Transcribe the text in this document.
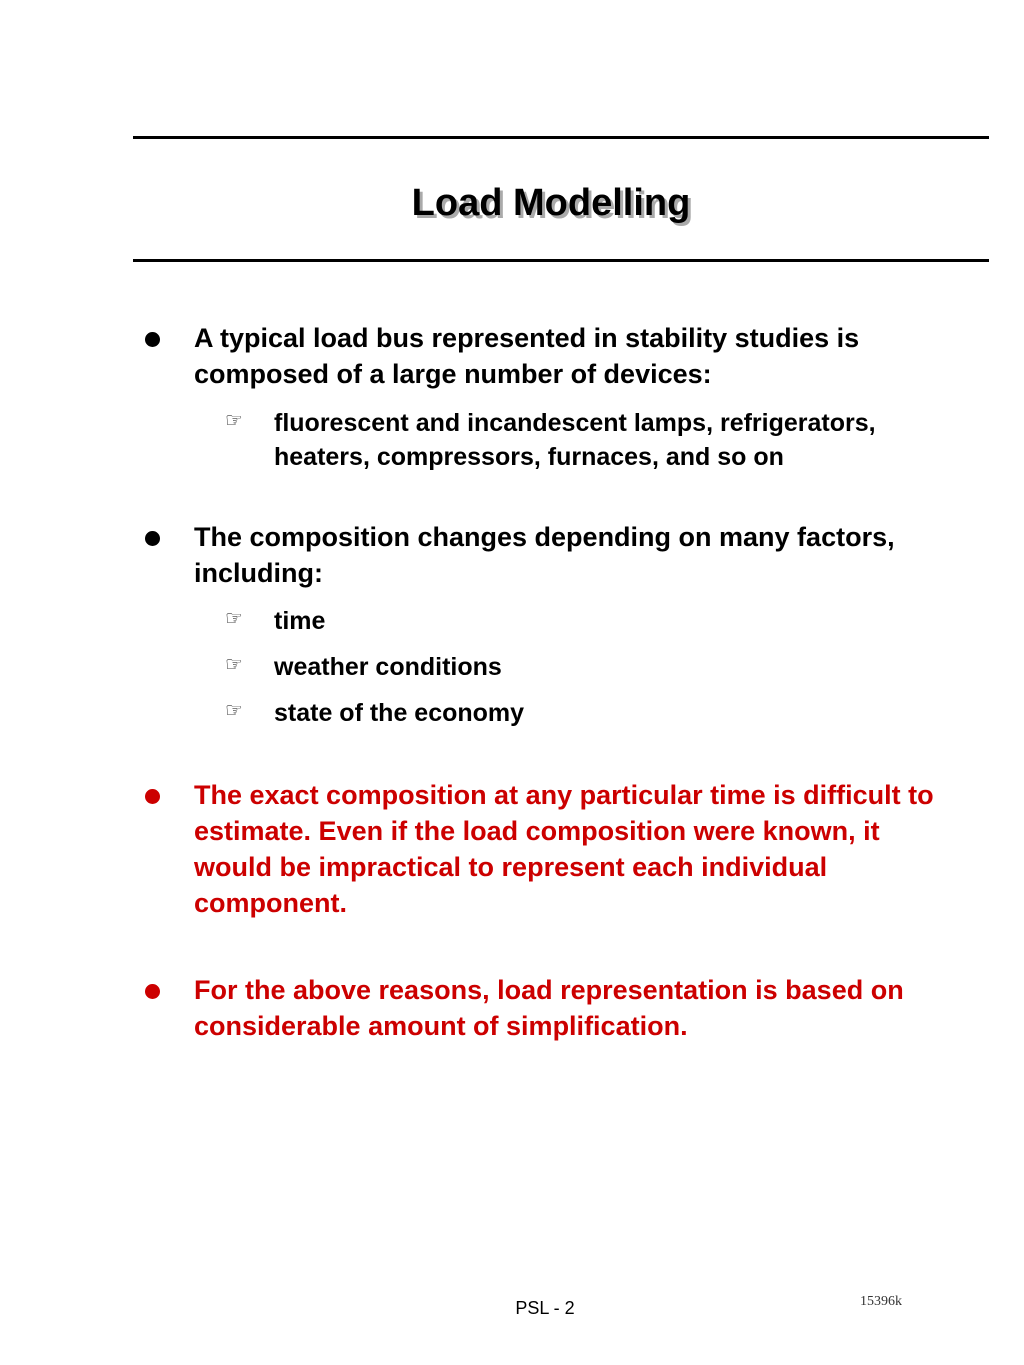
Load Modelling
A typical load bus represented in stability studies is composed of a large number of devices:
☞ fluorescent and incandescent lamps, refrigerators, heaters, compressors, furnaces, and so on
The composition changes depending on many factors, including:
☞ time
☞ weather conditions
☞ state of the economy
The exact composition at any particular time is difficult to estimate. Even if the load composition were known, it would be impractical to represent each individual component.
For the above reasons, load representation is based on considerable amount of simplification.
PSL - 2	15396k
